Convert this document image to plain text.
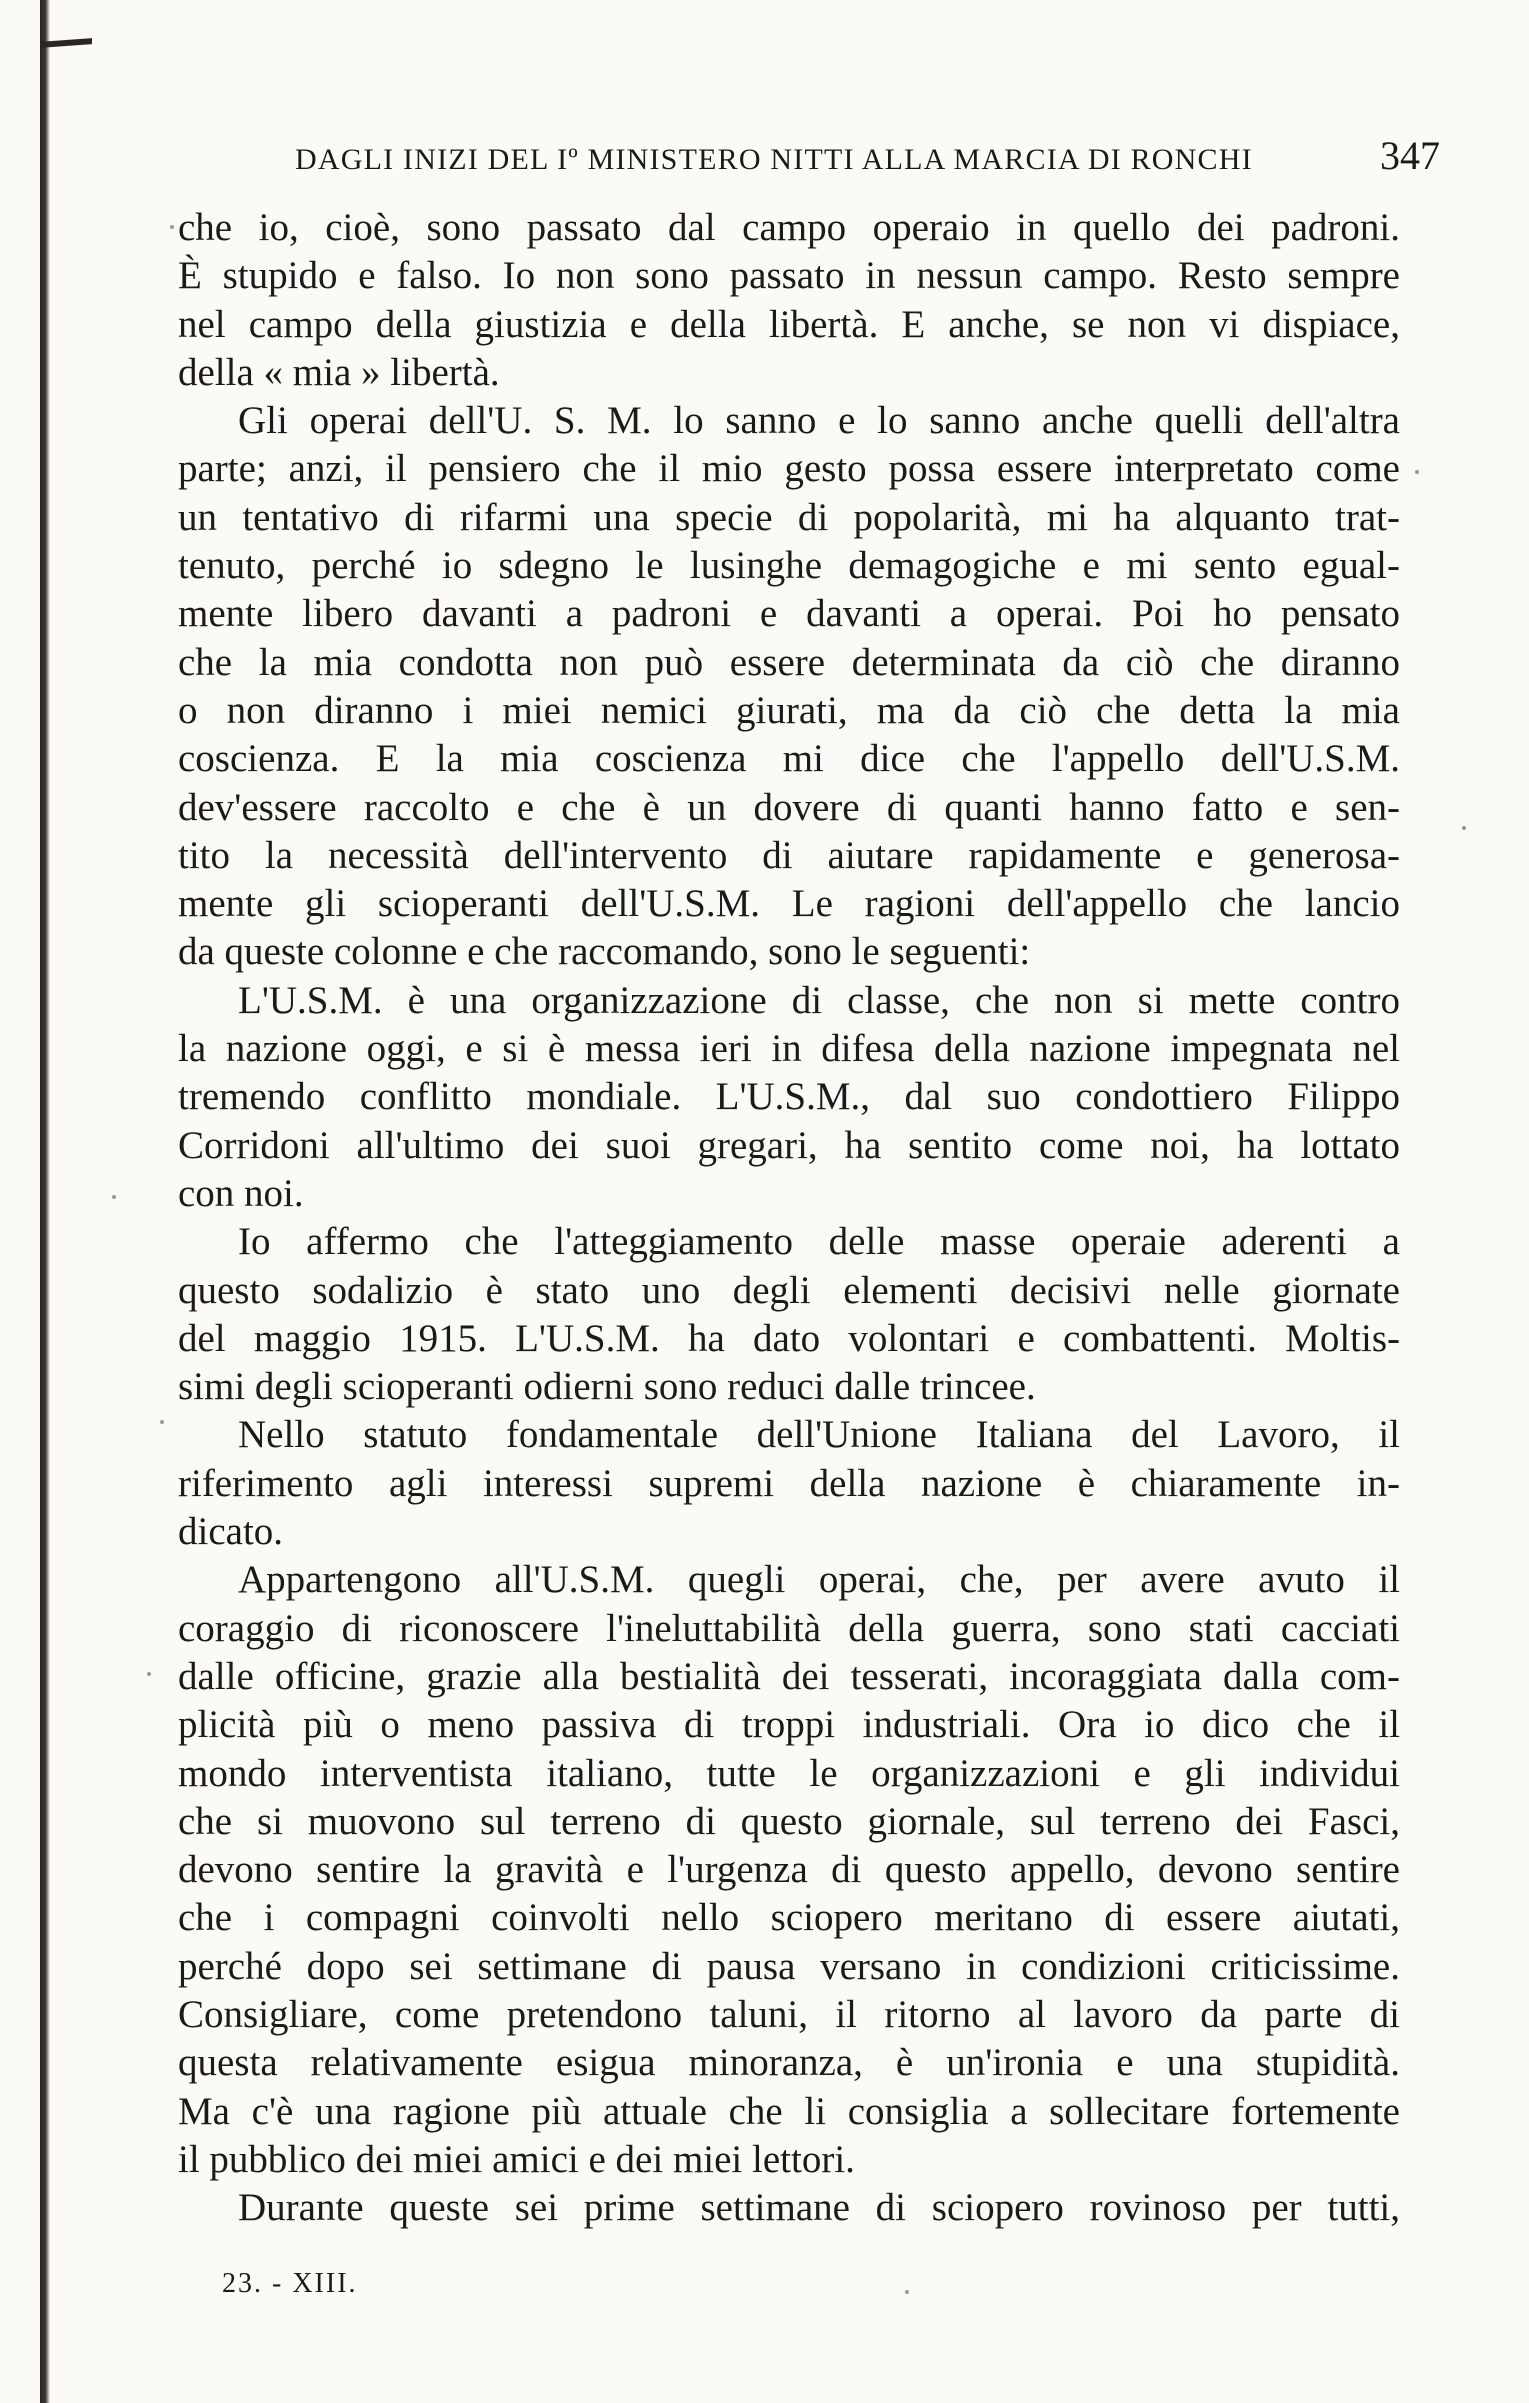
DAGLI INIZI DEL Iº MINISTERO NITTI ALLA MARCIA DI RONCHI	347
che io, cioè, sono passato dal campo operaio in quello dei padroni.
È stupido e falso. Io non sono passato in nessun campo. Resto sempre
nel campo della giustizia e della libertà. E anche, se non vi dispiace,
della « mia » libertà.
Gli operai dell'U. S. M. lo sanno e lo sanno anche quelli dell'altra
parte; anzi, il pensiero che il mio gesto possa essere interpretato come
un tentativo di rifarmi una specie di popolarità, mi ha alquanto trat-
tenuto, perché io sdegno le lusinghe demagogiche e mi sento egual-
mente libero davanti a padroni e davanti a operai. Poi ho pensato
che la mia condotta non può essere determinata da ciò che diranno
o non diranno i miei nemici giurati, ma da ciò che detta la mia
coscienza. E la mia coscienza mi dice che l'appello dell'U.S.M.
dev'essere raccolto e che è un dovere di quanti hanno fatto e sen-
tito la necessità dell'intervento di aiutare rapidamente e generosa-
mente gli scioperanti dell'U.S.M. Le ragioni dell'appello che lancio
da queste colonne e che raccomando, sono le seguenti:
L'U.S.M. è una organizzazione di classe, che non si mette contro
la nazione oggi, e si è messa ieri in difesa della nazione impegnata nel
tremendo conflitto mondiale. L'U.S.M., dal suo condottiero Filippo
Corridoni all'ultimo dei suoi gregari, ha sentito come noi, ha lottato
con noi.
Io affermo che l'atteggiamento delle masse operaie aderenti a
questo sodalizio è stato uno degli elementi decisivi nelle giornate
del maggio 1915. L'U.S.M. ha dato volontari e combattenti. Moltis-
simi degli scioperanti odierni sono reduci dalle trincee.
Nello statuto fondamentale dell'Unione Italiana del Lavoro, il
riferimento agli interessi supremi della nazione è chiaramente in-
dicato.
Appartengono all'U.S.M. quegli operai, che, per avere avuto il
coraggio di riconoscere l'ineluttabilità della guerra, sono stati cacciati
dalle officine, grazie alla bestialità dei tesserati, incoraggiata dalla com-
plicità più o meno passiva di troppi industriali. Ora io dico che il
mondo interventista italiano, tutte le organizzazioni e gli individui
che si muovono sul terreno di questo giornale, sul terreno dei Fasci,
devono sentire la gravità e l'urgenza di questo appello, devono sentire
che i compagni coinvolti nello sciopero meritano di essere aiutati,
perché dopo sei settimane di pausa versano in condizioni criticissime.
Consigliare, come pretendono taluni, il ritorno al lavoro da parte di
questa relativamente esigua minoranza, è un'ironia e una stupidità.
Ma c'è una ragione più attuale che li consiglia a sollecitare fortemente
il pubblico dei miei amici e dei miei lettori.
Durante queste sei prime settimane di sciopero rovinoso per tutti,
23. - XIII.
